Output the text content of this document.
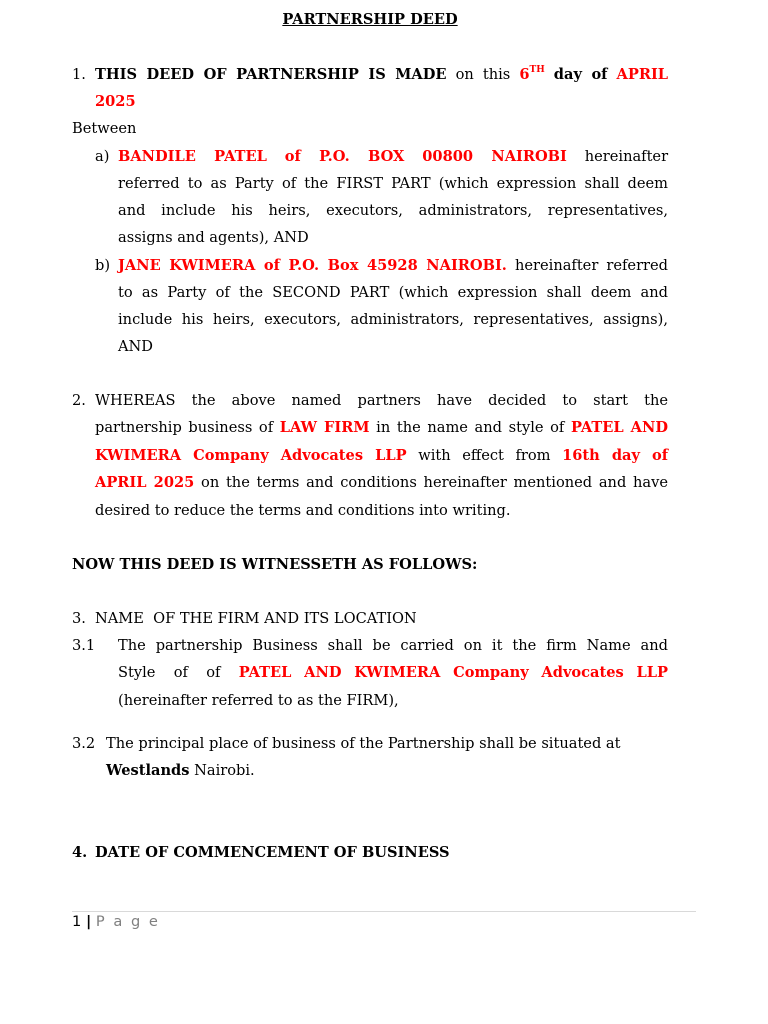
PARTNERSHIP DEED
1. THIS DEED OF PARTNERSHIP IS MADE on this 6TH day of APRIL
2025
Between
a) BANDILE PATEL of P.O. BOX 00800 NAIROBI hereinafter
referred to as Party of the FIRST PART (which expression shall deem
and include his heirs, executors, administrators, representatives,
assigns and agents), AND
b) JANE KWIMERA of P.O. Box 45928 NAIROBI. hereinafter referred
to as Party of the SECOND PART (which expression shall deem and
include his heirs, executors, administrators, representatives, assigns),
AND
2. WHEREAS the above named partners have decided to start the
partnership business of LAW FIRM in the name and style of PATEL AND
KWIMERA Company Advocates LLP with effect from 16th day of
APRIL 2025 on the terms and conditions hereinafter mentioned and have
desired to reduce the terms and conditions into writing.
NOW THIS DEED IS WITNESSETH AS FOLLOWS:
3. NAME  OF THE FIRM AND ITS LOCATION
3.1 The partnership Business shall be carried on it the firm Name and
Style of of PATEL AND KWIMERA Company Advocates LLP
(hereinafter referred to as the FIRM),
3.2 The principal place of business of the Partnership shall be situated at
Westlands Nairobi.
4. DATE OF COMMENCEMENT OF BUSINESS
1 | P a g e
